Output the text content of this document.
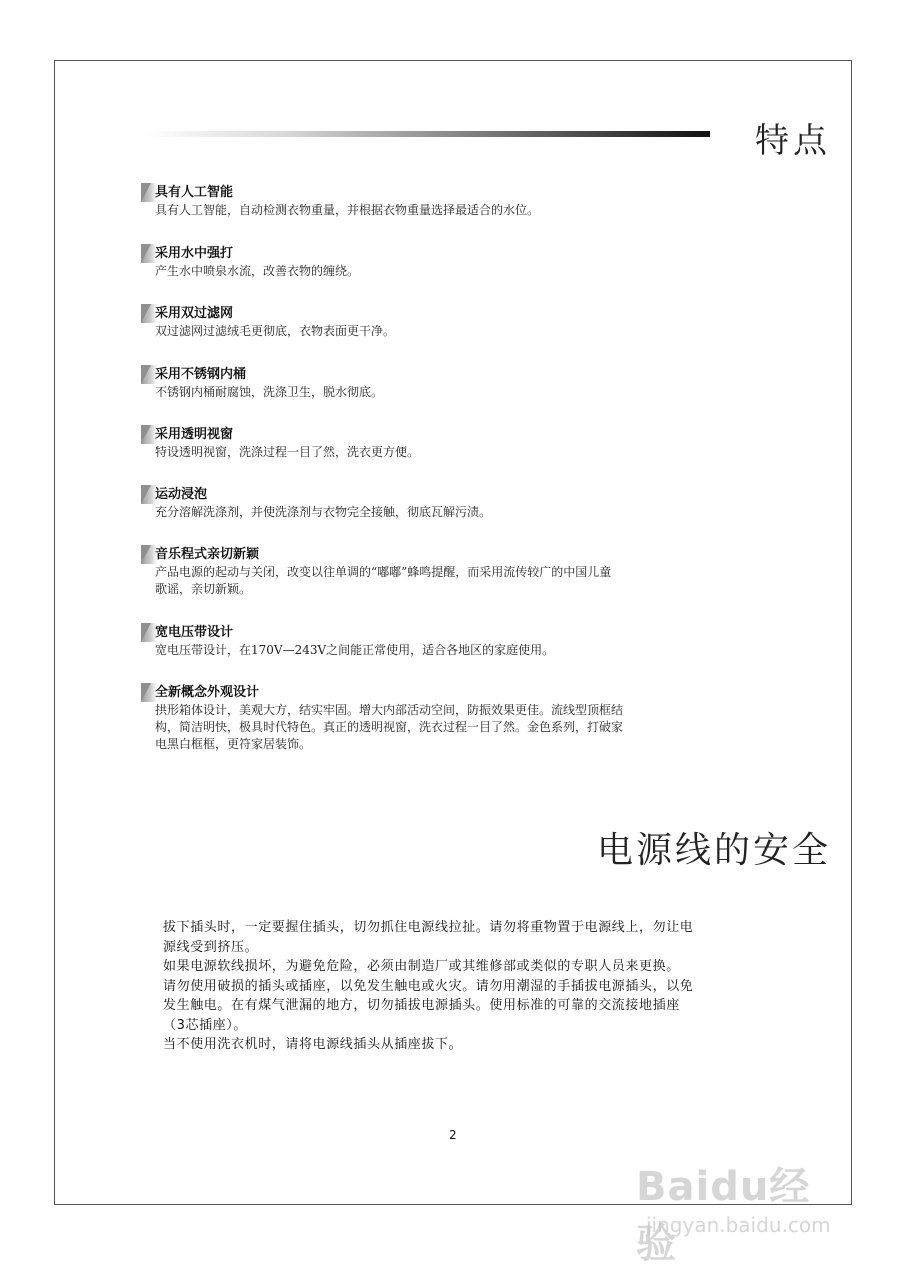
特点
具有人工智能
具有人工智能，自动检测衣物重量，并根据衣物重量选择最适合的水位。
采用水中强打
产生水中喷泉水流，改善衣物的缠绕。
采用双过滤网
双过滤网过滤绒毛更彻底，衣物表面更干净。
采用不锈钢内桶
不锈钢内桶耐腐蚀，洗涤卫生，脱水彻底。
采用透明视窗
特设透明视窗，洗涤过程一目了然，洗衣更方便。
运动浸泡
充分溶解洗涤剂，并使洗涤剂与衣物完全接触，彻底瓦解污渍。
音乐程式亲切新颖
产品电源的起动与关闭，改变以往单调的“嘟嘟”蜂鸣提醒，而采用流传较广的中国儿童
歌谣，亲切新颖。
宽电压带设计
宽电压带设计，在170V—243V之间能正常使用，适合各地区的家庭使用。
全新概念外观设计
拱形箱体设计，美观大方，结实牢固。增大内部活动空间，防振效果更佳。流线型顶框结
构，简洁明快，极具时代特色。真正的透明视窗，洗衣过程一目了然。金色系列，打破家
电黑白框框，更符家居装饰。
电源线的安全

拔下插头时，一定要握住插头，切勿抓住电源线拉扯。请勿将重物置于电源线上，勿让电

源线受到挤压。

如果电源软线损坏，为避免危险，必须由制造厂或其维修部或类似的专职人员来更换。

请勿使用破损的插头或插座，以免发生触电或火灾。请勿用潮湿的手插拔电源插头，以免

发生触电。在有煤气泄漏的地方，切勿插拔电源插头。使用标准的可靠的交流接地插座

（3芯插座）。

当不使用洗衣机时，请将电源线插头从插座拔下。

2
Baidu经验
jingyan.baidu.com
